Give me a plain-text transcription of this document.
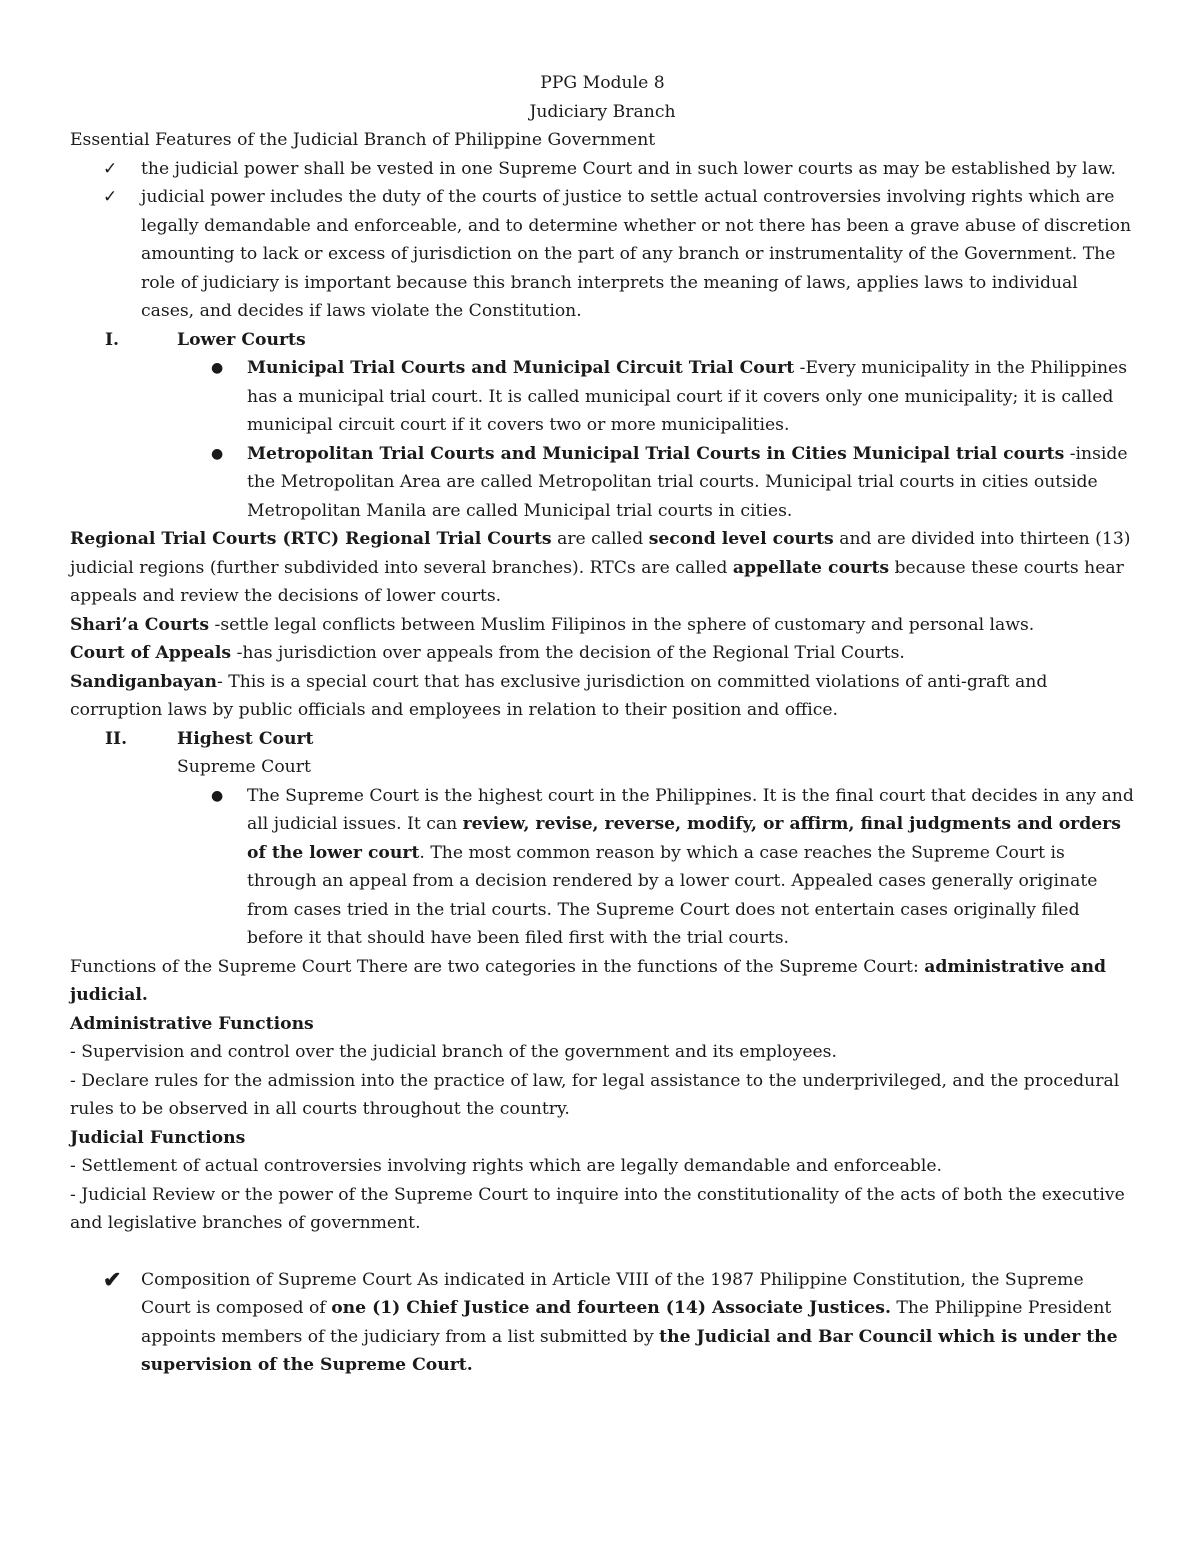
PPG Module 8

Judiciary Branch

Essential Features of the Judicial Branch of Philippine Government

✓	the judicial power shall be vested in one Supreme Court and in such lower courts as may be established by law.
✓	judicial power includes the duty of the courts of justice to settle actual controversies involving rights which are legally demandable and enforceable, and to determine whether or not there has been a grave abuse of discretion amounting to lack or excess of jurisdiction on the part of any branch or instrumentality of the Government. The role of judiciary is important because this branch interprets the meaning of laws, applies laws to individual cases, and decides if laws violate the Constitution.
I.	Lower Courts
●	Municipal Trial Courts and Municipal Circuit Trial Court -Every municipality in the Philippines has a municipal trial court. It is called municipal court if it covers only one municipality; it is called municipal circuit court if it covers two or more municipalities.
●	Metropolitan Trial Courts and Municipal Trial Courts in Cities Municipal trial courts -inside the Metropolitan Area are called Metropolitan trial courts. Municipal trial courts in cities outside Metropolitan Manila are called Municipal trial courts in cities.

Regional Trial Courts (RTC) Regional Trial Courts are called second level courts and are divided into thirteen (13) judicial regions (further subdivided into several branches). RTCs are called appellate courts because these courts hear appeals and review the decisions of lower courts.

Shari’a Courts -settle legal conflicts between Muslim Filipinos in the sphere of customary and personal laws.

Court of Appeals -has jurisdiction over appeals from the decision of the Regional Trial Courts.

Sandiganbayan- This is a special court that has exclusive jurisdiction on committed violations of anti-graft and corruption laws by public officials and employees in relation to their position and office.

II.	Highest Court

Supreme Court

●	The Supreme Court is the highest court in the Philippines. It is the final court that decides in any and all judicial issues. It can review, revise, reverse, modify, or affirm, final judgments and orders of the lower court. The most common reason by which a case reaches the Supreme Court is through an appeal from a decision rendered by a lower court. Appealed cases generally originate from cases tried in the trial courts. The Supreme Court does not entertain cases originally filed before it that should have been filed first with the trial courts.

Functions of the Supreme Court There are two categories in the functions of the Supreme Court: administrative and judicial.

Administrative Functions

- Supervision and control over the judicial branch of the government and its employees.

- Declare rules for the admission into the practice of law, for legal assistance to the underprivileged, and the procedural rules to be observed in all courts throughout the country.

Judicial Functions

- Settlement of actual controversies involving rights which are legally demandable and enforceable.

- Judicial Review or the power of the Supreme Court to inquire into the constitutionality of the acts of both the executive and legislative branches of government.

✔ Composition of Supreme Court As indicated in Article VIII of the 1987 Philippine Constitution, the Supreme Court is composed of one (1) Chief Justice and fourteen (14) Associate Justices. The Philippine President appoints members of the judiciary from a list submitted by the Judicial and Bar Council which is under the supervision of the Supreme Court.
